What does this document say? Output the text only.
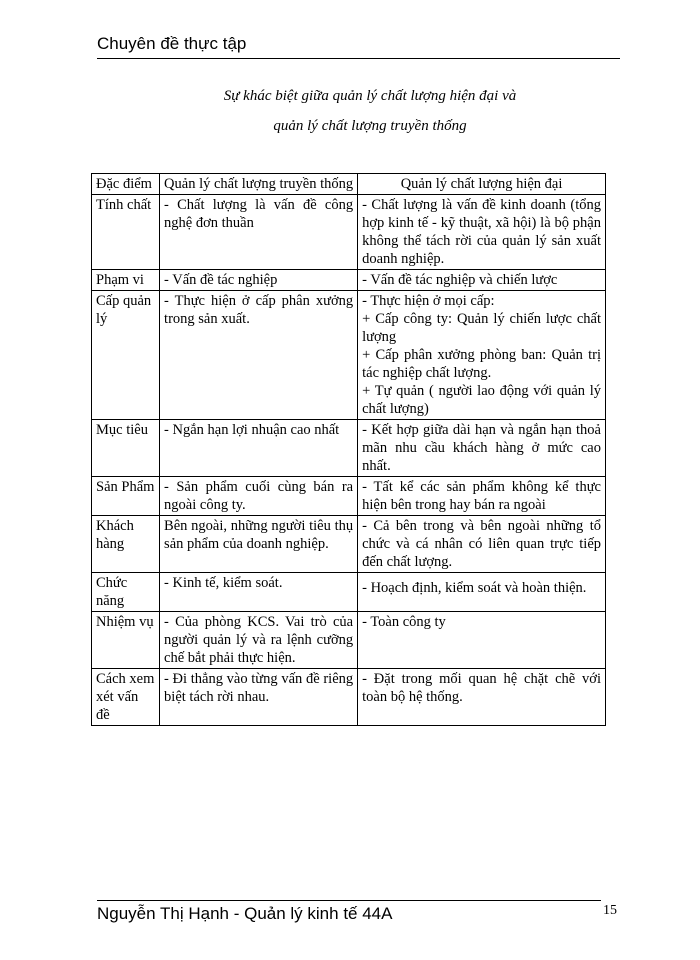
Chuyên đề thực tập
Sự khác biệt giữa quản lý chất lượng hiện đại và
quản lý chất lượng truyền thống
Đặc điểm	Quản lý chất lượng truyền thống	Quản lý chất lượng hiện đại
Tính chất	- Chất lượng là vấn đề công nghệ đơn thuần	- Chất lượng là vấn đề kinh doanh (tổng hợp kinh tế - kỹ thuật, xã hội) là bộ phận không thể tách rời của quản lý sản xuất doanh nghiệp.

Phạm vi	- Vấn đề tác nghiệp	- Vấn đề tác nghiệp và chiến lược

Cấp quản lý	- Thực hiện ở cấp phân xưởng trong sản xuất.	- Thực hiện ở mọi cấp:
+ Cấp công ty: Quản lý chiến lược chất lượng
+ Cấp phân xưởng phòng ban: Quản trị tác nghiệp chất lượng.
+ Tự quản ( người lao động với quản lý chất lượng)

Mục tiêu	- Ngắn hạn lợi nhuận cao nhất	- Kết hợp giữa dài hạn và ngắn hạn thoả mãn nhu cầu khách hàng ở mức cao nhất.

Sản Phẩm	- Sản phẩm cuối cùng bán ra ngoài công ty.	- Tất kể các sản phẩm không kể thực hiện bên trong hay bán ra ngoài

Khách hàng	Bên ngoài, những người tiêu thụ sản phẩm của doanh nghiệp.	- Cả bên trong và bên ngoài những tổ chức và cá nhân có liên quan trực tiếp đến chất lượng.

Chức năng	- Kinh tế, kiểm soát.	- Hoạch định, kiểm soát và hoàn thiện.

Nhiệm vụ	- Của phòng KCS. Vai trò của người quản lý và ra lệnh cưỡng chế bắt phải thực hiện.	- Toàn công ty

Cách xem xét vấn đề	- Đi thẳng vào từng vấn đề riêng biệt tách rời nhau.	- Đặt trong mối quan hệ chặt chẽ với toàn bộ hệ thống.
Nguyễn Thị Hạnh - Quản lý kinh tế 44A	15
